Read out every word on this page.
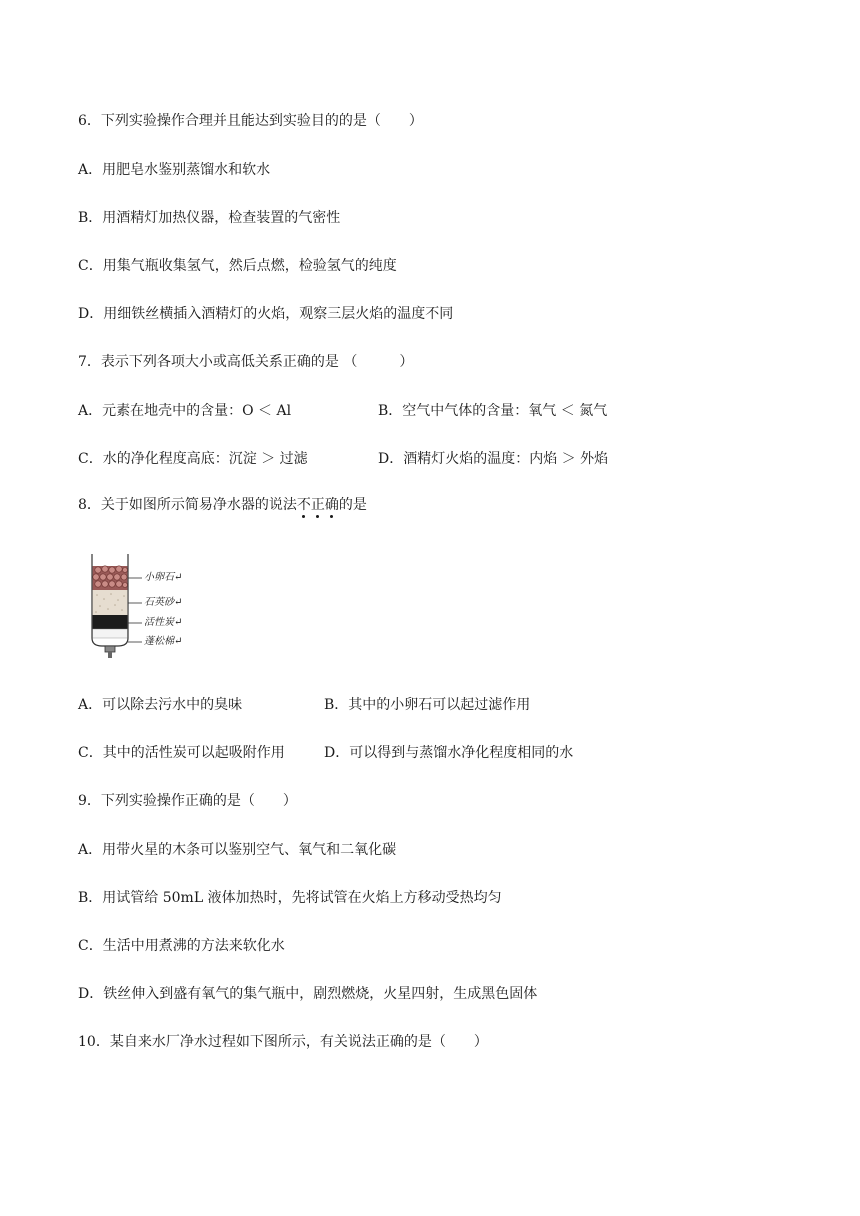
6．下列实验操作合理并且能达到实验目的的是（　　）
A．用肥皂水鉴别蒸馏水和软水
B．用酒精灯加热仪器，检查装置的气密性
C．用集气瓶收集氢气，然后点燃，检验氢气的纯度
D．用细铁丝横插入酒精灯的火焰，观察三层火焰的温度不同
7．表示下列各项大小或高低关系正确的是 （　　　）
A．元素在地壳中的含量：O ＜ Al	B．空气中气体的含量：氧气 ＜ 氮气
C．水的净化程度高底：沉淀 ＞ 过滤	D．酒精灯火焰的温度：内焰 ＞ 外焰
8．关于如图所示简易净水器的说法不正确
的是
小卵石↵
石英砂↵
活性炭↵
蓬松棉↵
A．可以除去污水中的臭味	B．其中的小卵石可以起过滤作用
C．其中的活性炭可以起吸附作用	D．可以得到与蒸馏水净化程度相同的水
9．下列实验操作正确的是（　　）
A．用带火星的木条可以鉴别空气、氧气和二氧化碳
B．用试管给 50mL 液体加热时，先将试管在火焰上方移动受热均匀
C．生活中用煮沸的方法来软化水
D．铁丝伸入到盛有氧气的集气瓶中，剧烈燃烧，火星四射，生成黑色固体
10．某自来水厂净水过程如下图所示，有关说法正确的是（　　）
